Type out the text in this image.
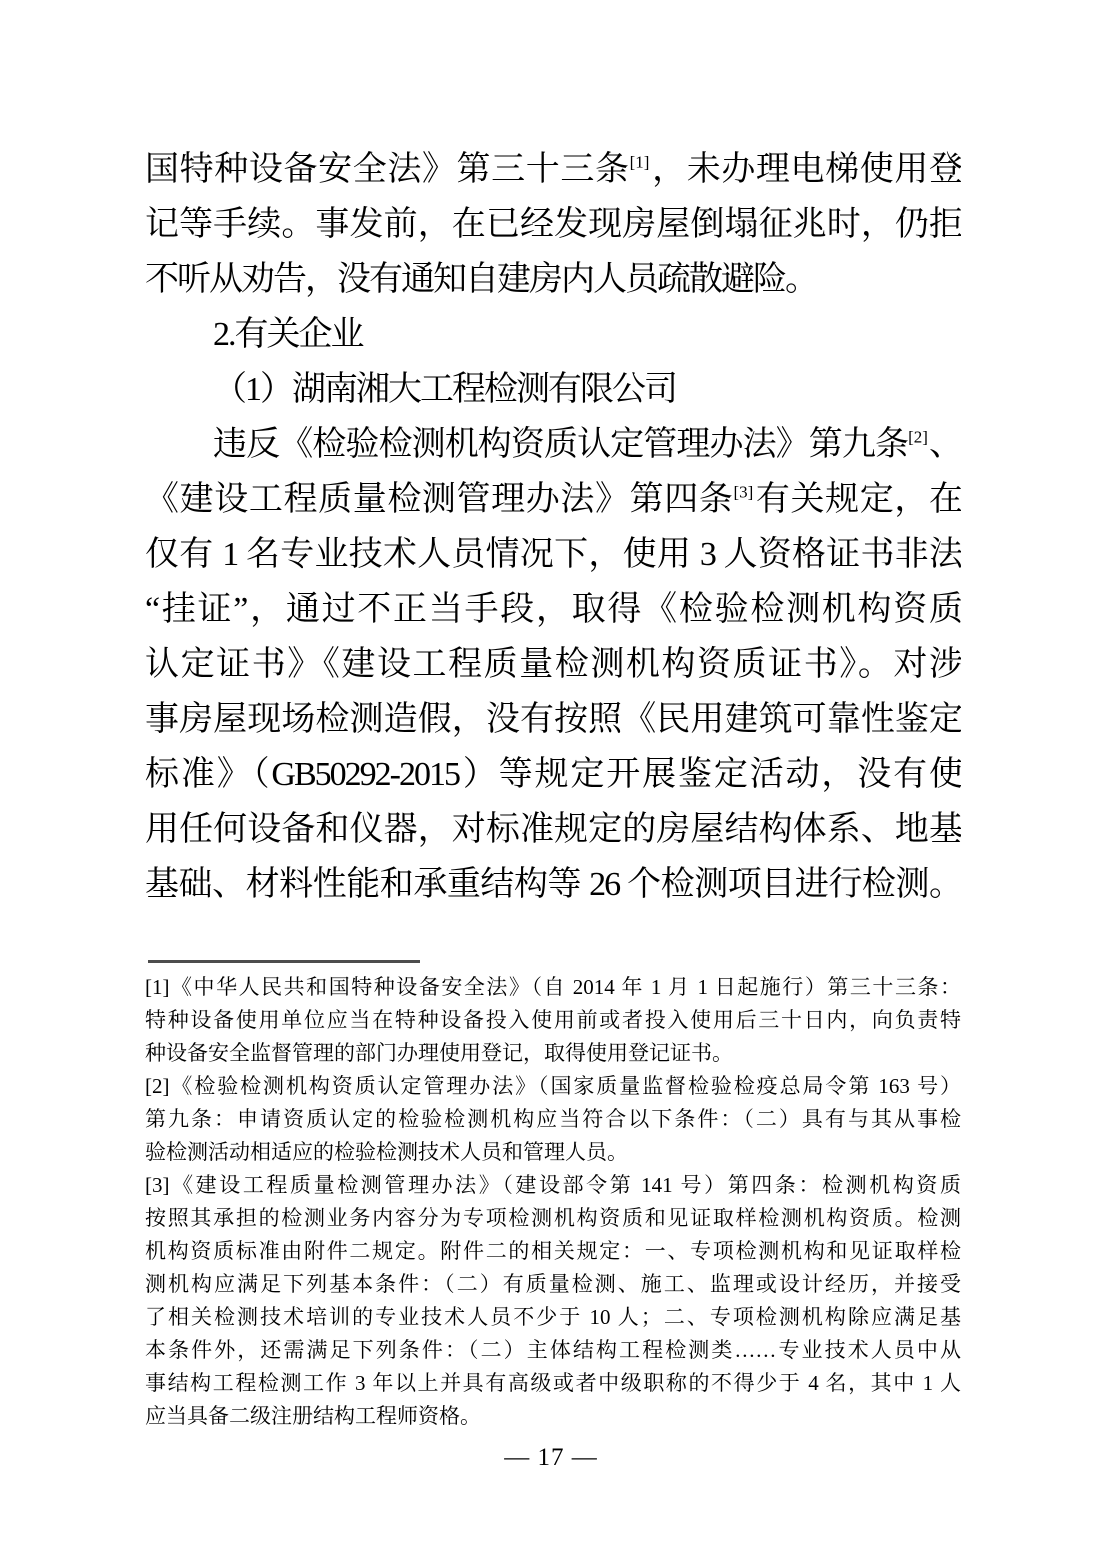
国特种设备安全法》第三十三条[1]，未办理电梯使用登
记等手续。事发前，在已经发现房屋倒塌征兆时，仍拒
不听从劝告，没有通知自建房内人员疏散避险。
2.有关企业
（1）湖南湘大工程检测有限公司
违反《检验检测机构资质认定管理办法》第九条[2]、
《建设工程质量检测管理办法》第四条[3]有关规定，在
仅有 1 名专业技术人员情况下，使用 3 人资格证书非法
“挂证”，通过不正当手段，取得《检验检测机构资质
认定证书》《建设工程质量检测机构资质证书》。对涉
事房屋现场检测造假，没有按照《民用建筑可靠性鉴定
标准》（GB50292-2015）等规定开展鉴定活动，没有使
用任何设备和仪器，对标准规定的房屋结构体系、地基
基础、材料性能和承重结构等 26 个检测项目进行检测。
[1]《中华人民共和国特种设备安全法》（自 2014 年 1 月 1 日起施行）第三十三条：
特种设备使用单位应当在特种设备投入使用前或者投入使用后三十日内，向负责特
种设备安全监督管理的部门办理使用登记，取得使用登记证书。
[2]《检验检测机构资质认定管理办法》（国家质量监督检验检疫总局令第 163 号）
第九条：申请资质认定的检验检测机构应当符合以下条件：（二）具有与其从事检
验检测活动相适应的检验检测技术人员和管理人员。
[3]《建设工程质量检测管理办法》（建设部令第 141 号）第四条：检测机构资质
按照其承担的检测业务内容分为专项检测机构资质和见证取样检测机构资质。检测
机构资质标准由附件二规定。附件二的相关规定：一、专项检测机构和见证取样检
测机构应满足下列基本条件：（二）有质量检测、施工、监理或设计经历，并接受
了相关检测技术培训的专业技术人员不少于 10 人；二、专项检测机构除应满足基
本条件外，还需满足下列条件：（二）主体结构工程检测类……专业技术人员中从
事结构工程检测工作 3 年以上并具有高级或者中级职称的不得少于 4 名，其中 1 人
应当具备二级注册结构工程师资格。
— 17 —
